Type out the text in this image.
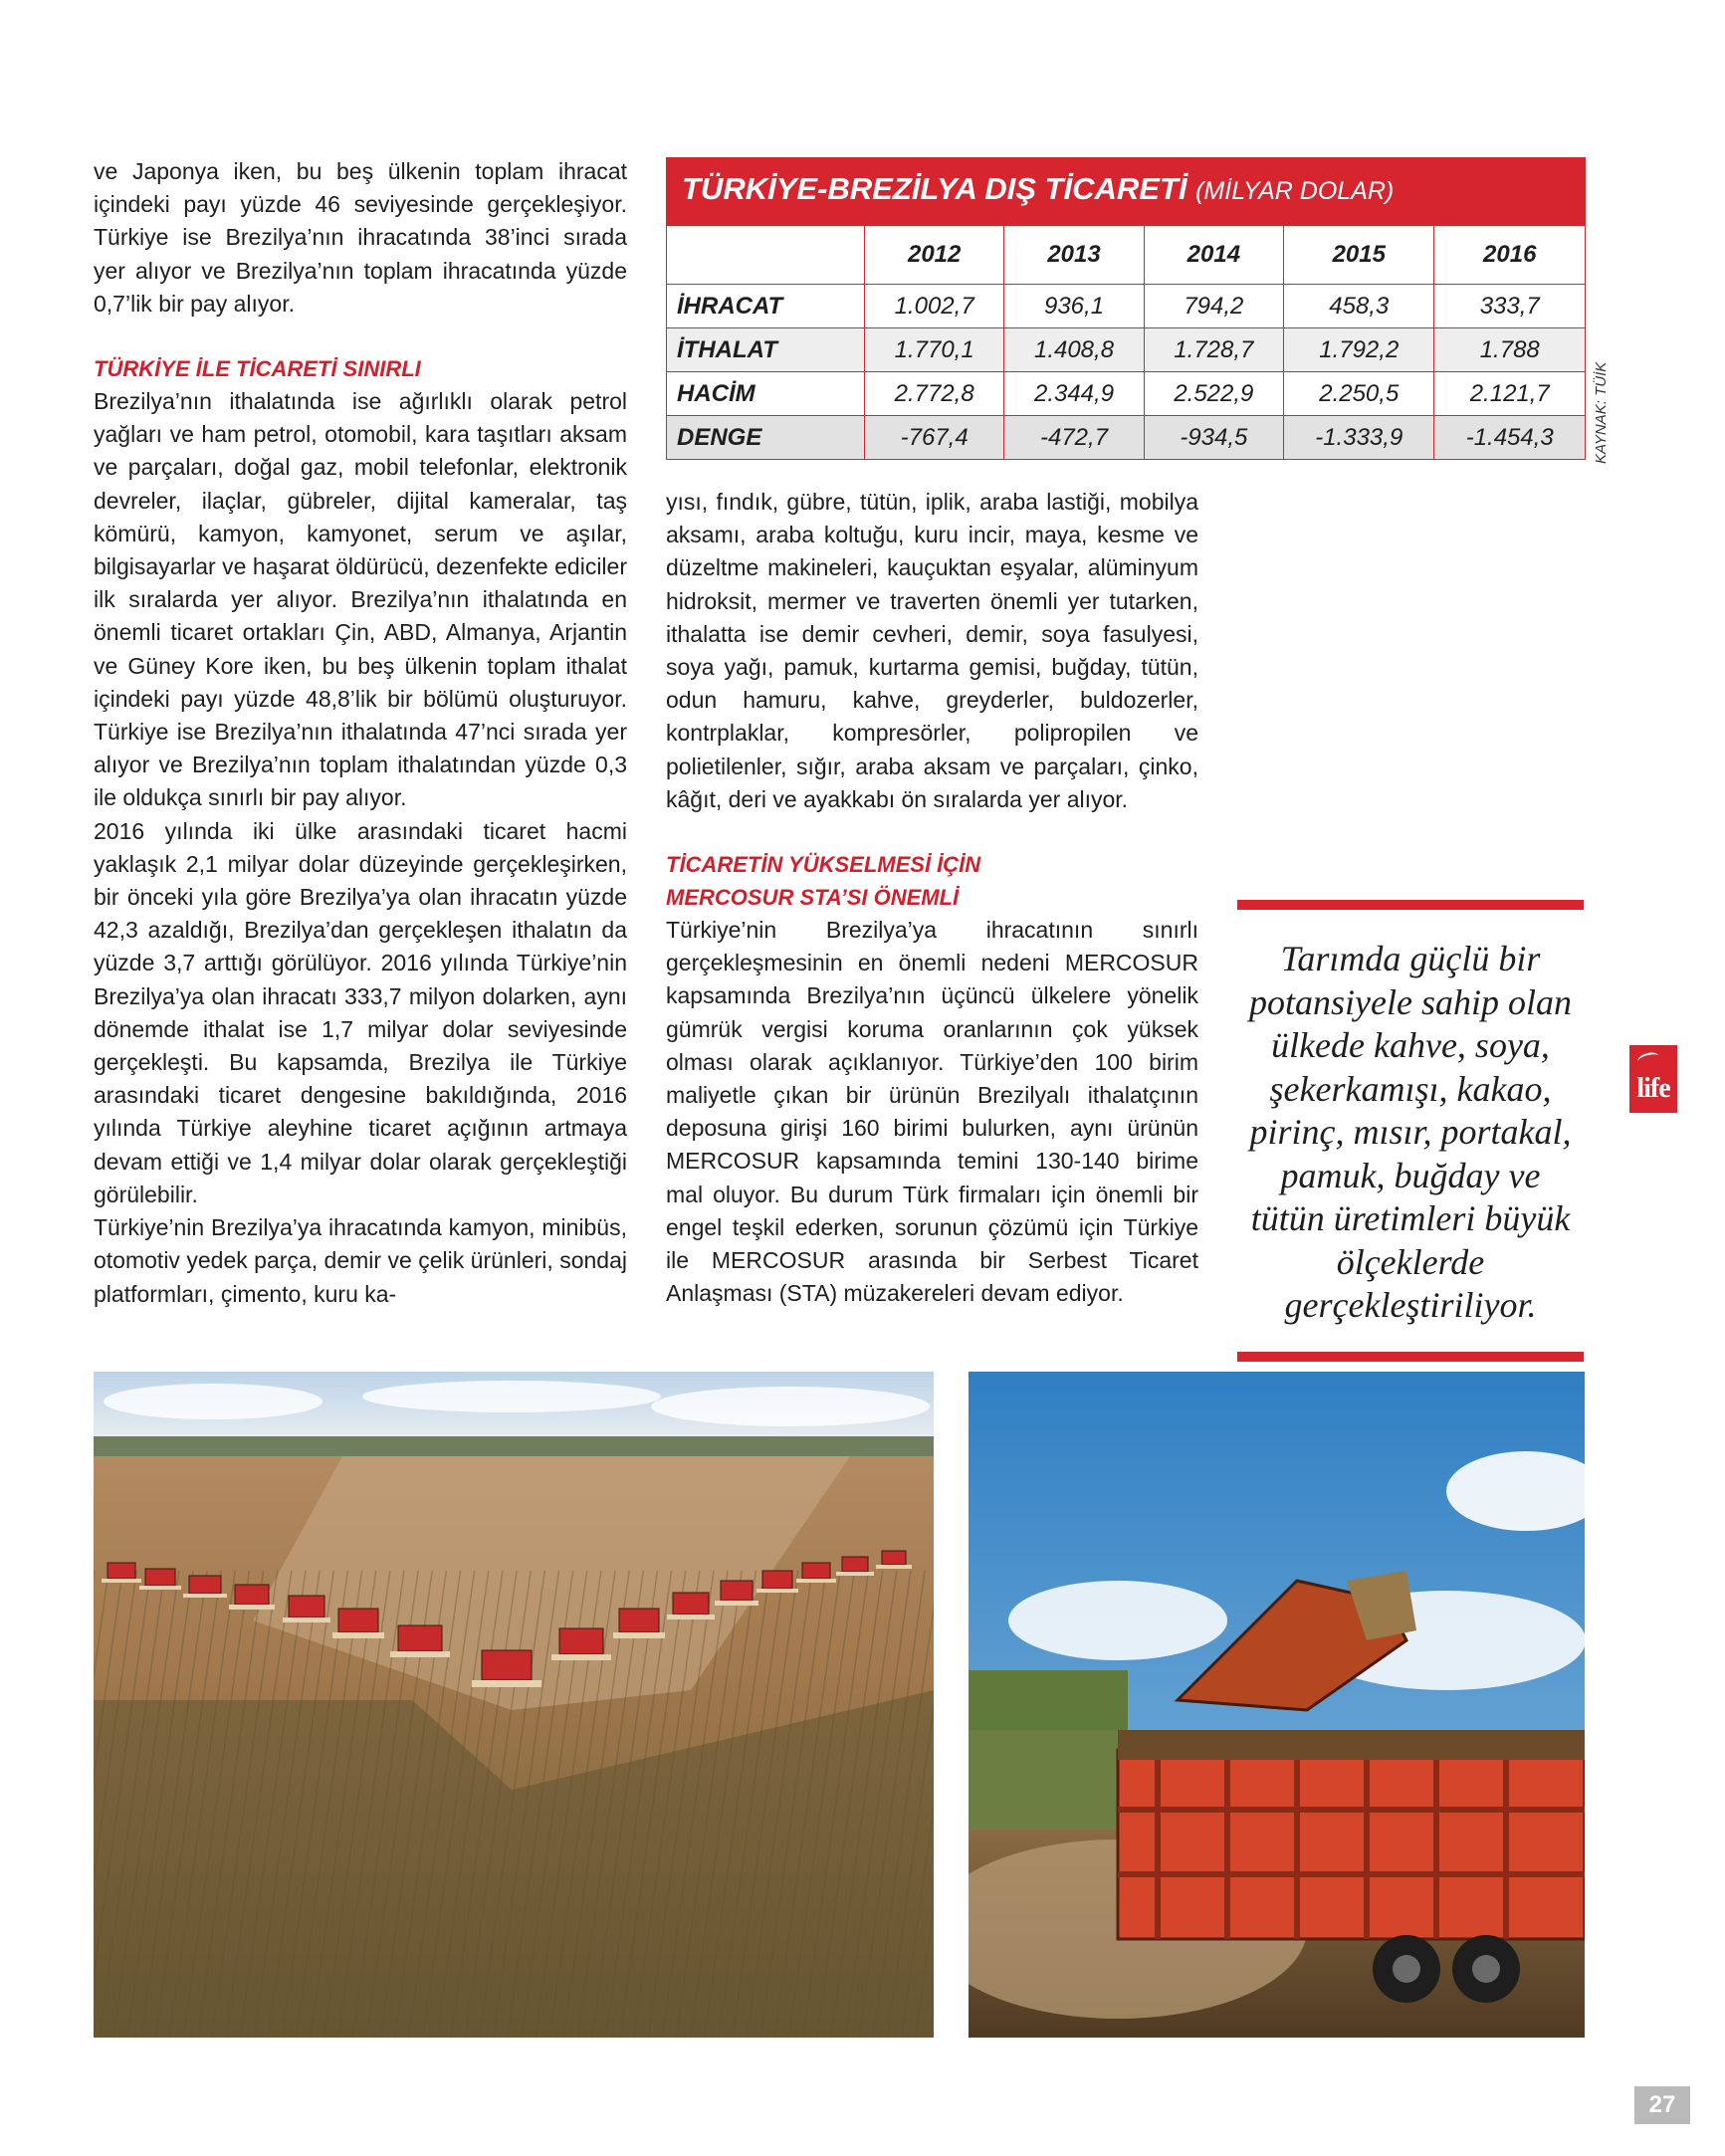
ve Japonya iken, bu beş ülkenin toplam ihracat içindeki payı yüzde 46 seviyesinde gerçekleşiyor. Türkiye ise Brezilya’nın ihracatında 38’inci sırada yer alıyor ve Brezilya’nın toplam ihracatında yüzde 0,7’lik bir pay alıyor.

TÜRKİYE İLE TİCARETİ SINIRLI

Brezilya’nın ithalatında ise ağırlıklı olarak petrol yağları ve ham petrol, otomobil, kara taşıtları aksam ve parçaları, doğal gaz, mobil telefonlar, elektronik devreler, ilaçlar, gübreler, dijital kameralar, taş kömürü, kamyon, kamyonet, serum ve aşılar, bilgisayarlar ve haşarat öldürücü, dezenfekte ediciler ilk sıralarda yer alıyor. Brezilya’nın ithalatında en önemli ticaret ortakları Çin, ABD, Almanya, Arjantin ve Güney Kore iken, bu beş ülkenin toplam ithalat içindeki payı yüzde 48,8’lik bir bölümü oluşturuyor. Türkiye ise Brezilya’nın ithalatında 47’nci sırada yer alıyor ve Brezilya’nın toplam ithalatından yüzde 0,3 ile oldukça sınırlı bir pay alıyor.

2016 yılında iki ülke arasındaki ticaret hacmi yaklaşık 2,1 milyar dolar düzeyinde gerçekleşirken, bir önceki yıla göre Brezilya’ya olan ihracatın yüzde 42,3 azaldığı, Brezilya’dan gerçekleşen ithalatın da yüzde 3,7 arttığı görülüyor. 2016 yılında Türkiye’nin Brezilya’ya olan ihracatı 333,7 milyon dolarken, aynı dönemde ithalat ise 1,7 milyar dolar seviyesinde gerçekleşti. Bu kapsamda, Brezilya ile Türkiye arasındaki ticaret dengesine bakıldığında, 2016 yılında Türkiye aleyhine ticaret açığının artmaya devam ettiği ve 1,4 milyar dolar olarak gerçekleştiği görülebilir.

Türkiye’nin Brezilya’ya ihracatında kamyon, minibüs, otomotiv yedek parça, demir ve çelik ürünleri, sondaj platformları, çimento, kuru ka-

TÜRKİYE-BREZİLYA DIŞ TİCARETİ (MİLYAR DOLAR)
	2012	2013	2014	2015	2016
İHRACAT	1.002,7	936,1	794,2	458,3	333,7
İTHALAT	1.770,1	1.408,8	1.728,7	1.792,2	1.788
HACİM	2.772,8	2.344,9	2.522,9	2.250,5	2.121,7
DENGE	-767,4	-472,7	-934,5	-1.333,9	-1.454,3	KAYNAK: TÜİK

yısı, fındık, gübre, tütün, iplik, araba lastiği, mobilya aksamı, araba koltuğu, kuru incir, maya, kesme ve düzeltme makineleri, kauçuktan eşyalar, alüminyum hidroksit, mermer ve traverten önemli yer tutarken, ithalatta ise demir cevheri, demir, soya fasulyesi, soya yağı, pamuk, kurtarma gemisi, buğday, tütün, odun hamuru, kahve, greyderler, buldozerler, kontrplaklar, kompresörler, polipropilen ve polietilenler, sığır, araba aksam ve parçaları, çinko, kâğıt, deri ve ayakkabı ön sıralarda yer alıyor.

TİCARETİN YÜKSELMESİ İÇİN
MERCOSUR STA’SI ÖNEMLİ

Türkiye’nin Brezilya’ya ihracatının sınırlı gerçekleşmesinin en önemli nedeni MERCOSUR kapsamında Brezilya’nın üçüncü ülkelere yönelik gümrük vergisi koruma oranlarının çok yüksek olması olarak açıklanıyor. Türkiye’den 100 birim maliyetle çıkan bir ürünün Brezilyalı ithalatçının deposuna girişi 160 birimi bulurken, aynı ürünün MERCOSUR kapsamında temini 130-140 birime mal oluyor. Bu durum Türk firmaları için önemli bir engel teşkil ederken, sorunun çözümü için Türkiye ile MERCOSUR arasında bir Serbest Ticaret Anlaşması (STA) müzakereleri devam ediyor.

Tarımda güçlü bir potansiyele sahip olan ülkede kahve, soya, şekerkamışı, kakao, pirinç, mısır, portakal, pamuk, buğday ve tütün üretimleri büyük ölçeklerde gerçekleştiriliyor.
life
27
